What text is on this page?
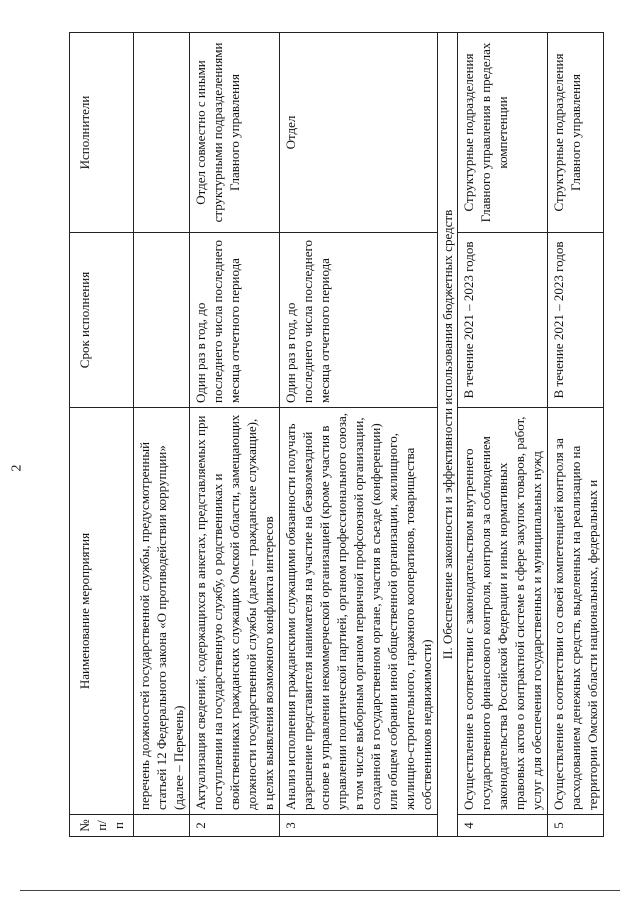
2
№ п/п	Наименование мероприятия	Срок исполнения	Исполнители
	перечень должностей государственной службы, предусмотренный статьей 12 Федерального закона «О противодействии коррупции» (далее – Перечень)		
2	Актуализация сведений, содержащихся в анкетах, представляемых при поступлении на государственную службу, о родственниках и свойственниках гражданских служащих Омской области, замещающих должности государственной службы (далее – гражданские служащие), в целях выявления возможного конфликта интересов	Один раз в год, до последнего числа последнего месяца отчетного периода	Отдел совместно с иными структурными подразделениями Главного управления
3	Анализ исполнения гражданскими служащими обязанности получать разрешение представителя нанимателя на участие на безвозмездной основе в управлении некоммерческой организацией (кроме участия в управлении политической партией, органом профессионального союза, в том числе выборным органом первичной профсоюзной организации, созданной в государственном органе, участия в съезде (конференции) или общем собрании иной общественной организации, жилищного, жилищно-строительного, гаражного кооперативов, товарищества собственников недвижимости)	Один раз в год, до последнего числа последнего месяца отчетного периода	Отдел
II. Обеспечение законности и эффективности использования бюджетных средств			
4	Осуществление в соответствии с законодательством внутреннего государственного финансового контроля, контроля за соблюдением законодательства Российской Федерации и иных нормативных правовых актов о контрактной системе в сфере закупок товаров, работ, услуг для обеспечения государственных и муниципальных нужд	В течение 2021 – 2023 годов	Структурные подразделения Главного управления в пределах компетенции
5	Осуществление в соответствии со своей компетенцией контроля за расходованием денежных средств, выделенных на реализацию на территории Омской области национальных, федеральных и	В течение 2021 – 2023 годов	Структурные подразделения Главного управления
